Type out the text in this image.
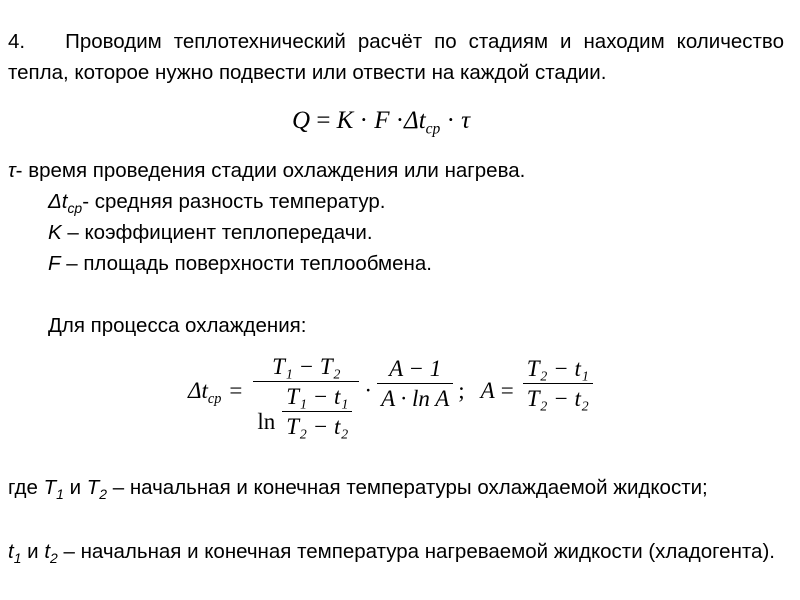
4. Проводим теплотехнический расчёт по стадиям и находим количество тепла, которое нужно подвести или отвести на каждой стадии.
$Q = K \cdot F \cdot\Delta t_{ср} \cdot \tau$
τ- время проведения стадии охлаждения или нагрева.
$\Delta t_{ср}-$ средняя разность температур.
K – коэффициент теплопередачи.
F – площадь поверхности теплообмена.
Для процесса охлаждения:
$\Delta t_{ср} = \frac{\text{T₁ − T₂}}{\ln \frac{\text{T₁ − t₁}}{\text{T₂ − t₂}}} \cdot \frac{A - 1}{\text{A · ln A}}$ ; $A = \frac{\text{T₂ − t₁}}{\text{T₂ − t₂}}$
где $T_1$ и $T_2$ – начальная и конечная температуры охлаждаемой жидкости;
$t_1$ и $t_2$ – начальная и конечная температура нагреваемой жидкости (хладогента).
